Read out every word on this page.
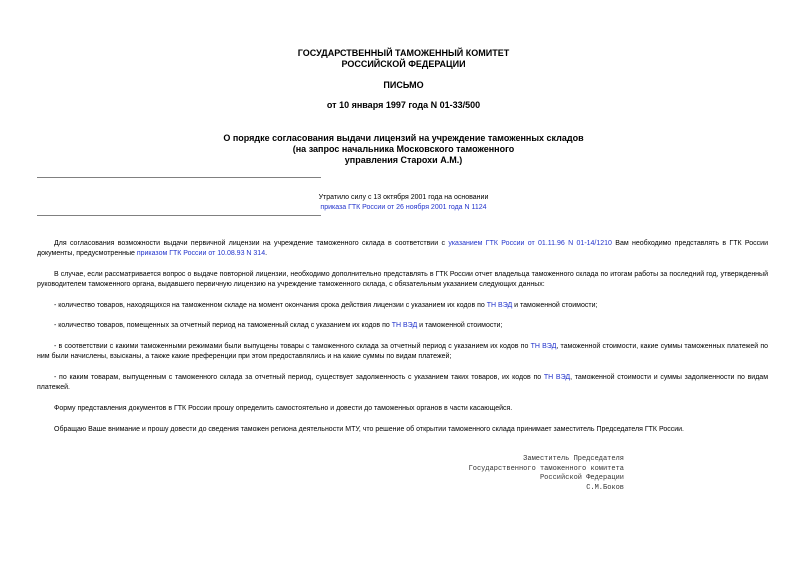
ГОСУДАРСТВЕННЫЙ ТАМОЖЕННЫЙ КОМИТЕТ
РОССИЙСКОЙ ФЕДЕРАЦИИ
ПИСЬМО
от 10 января 1997 года N 01-33/500
О порядке согласования выдачи лицензий на учреждение таможенных складов
(на запрос начальника Московского таможенного
управления Старохи А.М.)
Утратило силу с 13 октября 2001 года на основании
приказа ГТК России от 26 ноября 2001 года N 1124

Для согласования возможности выдачи первичной лицензии на учреждение таможенного склада в соответствии с указанием ГТК России от 01.11.96 N 01-14/1210 Вам необходимо представлять в ГТК России документы, предусмотренные приказом ГТК России от 10.08.93 N 314.

В случае, если рассматривается вопрос о выдаче повторной лицензии, необходимо дополнительно представлять в ГТК России отчет владельца таможенного склада по итогам работы за последний год, утвержденный руководителем таможенного органа, выдавшего первичную лицензию на учреждение таможенного склада, с обязательным указанием следующих данных:

- количество товаров, находящихся на таможенном складе на момент окончания срока действия лицензии с указанием их кодов по ТН ВЭД и таможенной стоимости;

- количество товаров, помещенных за отчетный период на таможенный склад с указанием их кодов по ТН ВЭД и таможенной стоимости;

- в соответствии с какими таможенными режимами были выпущены товары с таможенного склада за отчетный период с указанием их кодов по ТН ВЭД, таможенной стоимости, какие суммы таможенных платежей по ним были начислены, взысканы, а также какие преференции при этом предоставлялись и на какие суммы по видам платежей;

- по каким товарам, выпущенным с таможенного склада за отчетный период, существует задолженность с указанием таких товаров, их кодов по ТН ВЭД, таможенной стоимости и суммы задолженности по видам платежей.

Форму представления документов в ГТК России прошу определить самостоятельно и довести до таможенных органов в части касающейся.

Обращаю Ваше внимание и прошу довести до сведения таможен региона деятельности МТУ, что решение об открытии таможенного склада принимает заместитель Председателя ГТК России.

Заместитель Председателя
Государственного таможенного комитета
Российской Федерации
С.М.Боков
